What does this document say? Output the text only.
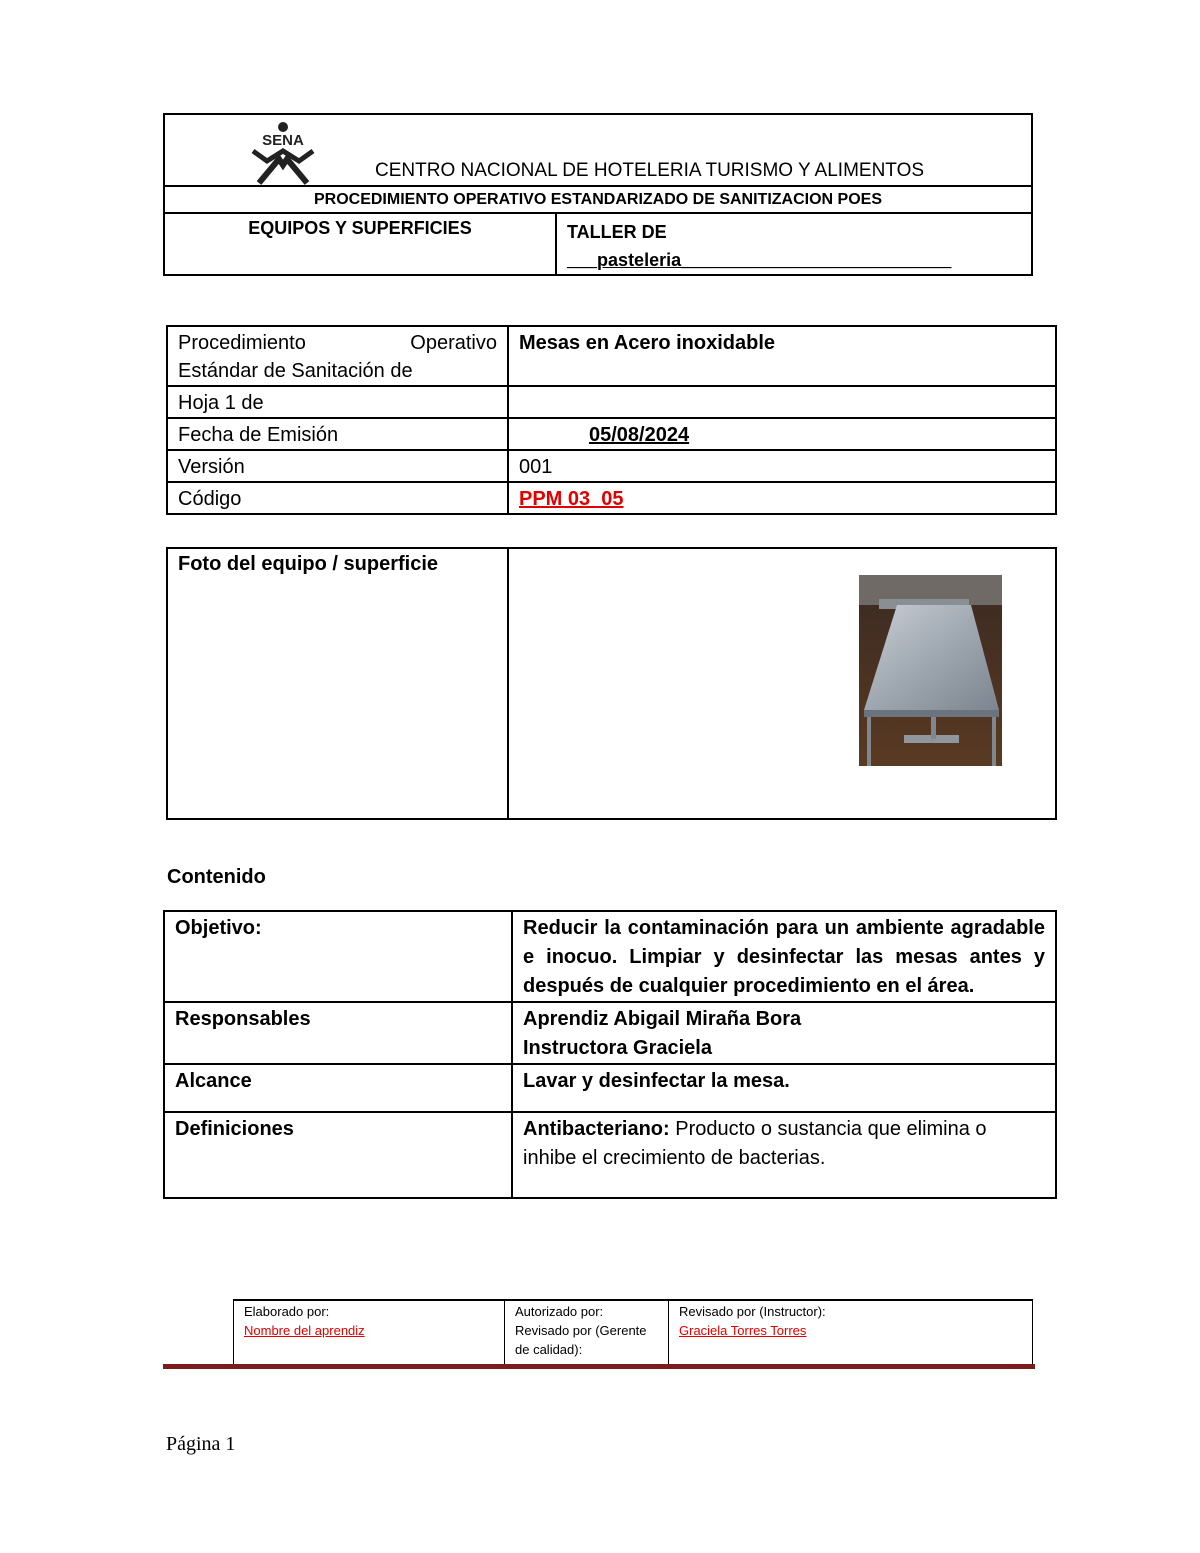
SENA
CENTRO NACIONAL DE HOTELERIA TURISMO Y ALIMENTOS

PROCEDIMIENTO OPERATIVO ESTANDARIZADO DE SANITIZACION POES
EQUIPOS Y SUPERFICIES	TALLER DE
___pasteleria___________________________
Procedimiento Operativo
Estándar de Sanitación de	Mesas en Acero inoxidable
Hoja 1 de	
Fecha de Emisión	05/08/2024
Versión	001
Código	PPM 03_05
Foto del equipo / superficie	
Contenido
Objetivo:	Reducir la contaminación para un ambiente agradable e inocuo. Limpiar y desinfectar las mesas antes y después de cualquier procedimiento en el área.
Responsables	Aprendiz Abigail Miraña Bora
Instructora Graciela

Alcance	Lavar y desinfectar la mesa.
Definiciones	Antibacteriano: Producto o sustancia que elimina o inhibe el crecimiento de bacterias.
Elaborado por:
Nombre del aprendiz

Autorizado por:
Revisado por (Gerente de calidad):

Revisado por (Instructor):
Graciela Torres Torres
Página 1
